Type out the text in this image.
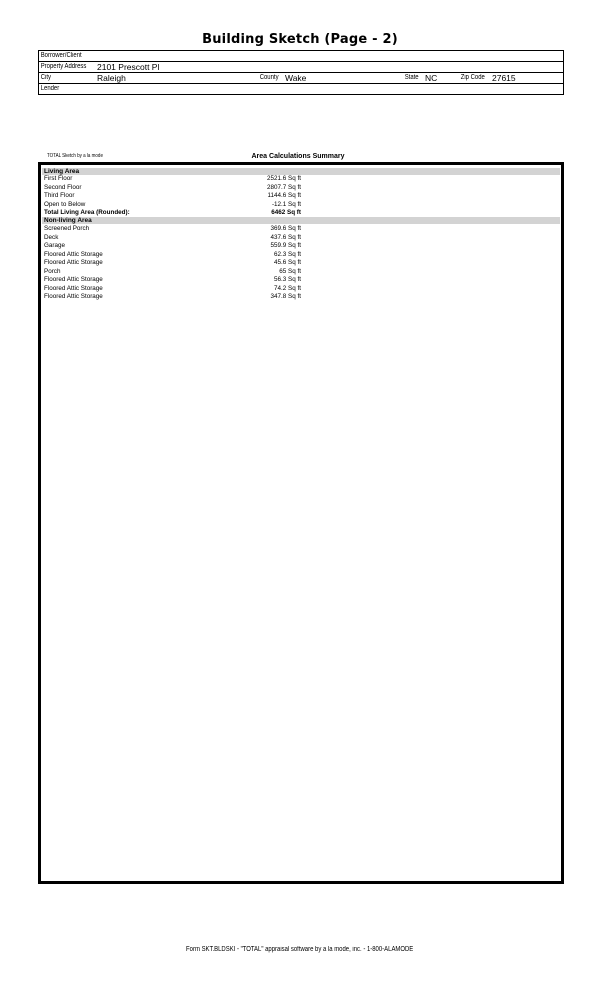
Building Sketch (Page - 2)
Borrower/Client
Property Address 2101 Prescott Pl
City	Raleigh	County Wake	State NC	Zip Code 27615
Lender
TOTAL Sketch by a la mode	Area Calculations Summary
Living Area
First Floor	2521.6 Sq ft
Second Floor	2807.7 Sq ft
Third Floor	1144.6 Sq ft
Open to Below	-12.1 Sq ft
Total Living Area (Rounded):	6462 Sq ft
Non-living Area
Screened Porch	369.6 Sq ft
Deck	437.6 Sq ft
Garage	559.9 Sq ft
Floored Attic Storage	62.3 Sq ft
Floored Attic Storage	45.6 Sq ft
Porch	65 Sq ft
Floored Attic Storage	56.3 Sq ft
Floored Attic Storage	74.2 Sq ft
Floored Attic Storage	347.8 Sq ft
Form SKT.BLDSKI - "TOTAL" appraisal software by a la mode, inc. - 1-800-ALAMODE
